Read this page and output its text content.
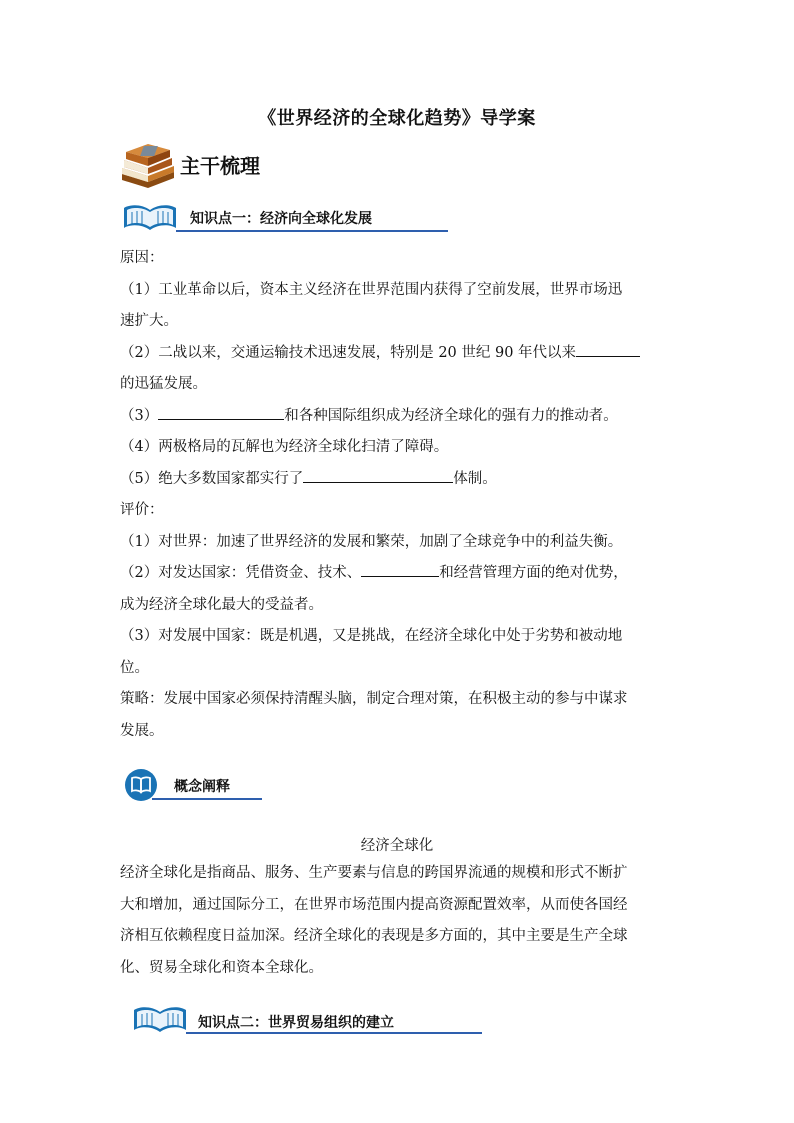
《世界经济的全球化趋势》导学案
主干梳理
知识点一：经济向全球化发展

原因：

（1）工业革命以后，资本主义经济在世界范围内获得了空前发展，世界市场迅

速扩大。

（2）二战以来，交通运输技术迅速发展，特别是 20 世纪 90 年代以来

的迅猛发展。

（3）	和各种国际组织成为经济全球化的强有力的推动者。

（4）两极格局的瓦解也为经济全球化扫清了障碍。

（5）绝大多数国家都实行了	体制。

评价：

（1）对世界：加速了世界经济的发展和繁荣，加剧了全球竞争中的利益失衡。

（2）对发达国家：凭借资金、技术、	和经营管理方面的绝对优势，

成为经济全球化最大的受益者。

（3）对发展中国家：既是机遇，又是挑战，在经济全球化中处于劣势和被动地

位。

策略：发展中国家必须保持清醒头脑，制定合理对策，在积极主动的参与中谋求

发展。

概念阐释
经济全球化

经济全球化是指商品、服务、生产要素与信息的跨国界流通的规模和形式不断扩

大和增加，通过国际分工，在世界市场范围内提高资源配置效率，从而使各国经

济相互依赖程度日益加深。经济全球化的表现是多方面的，其中主要是生产全球

化、贸易全球化和资本全球化。

知识点二：世界贸易组织的建立
